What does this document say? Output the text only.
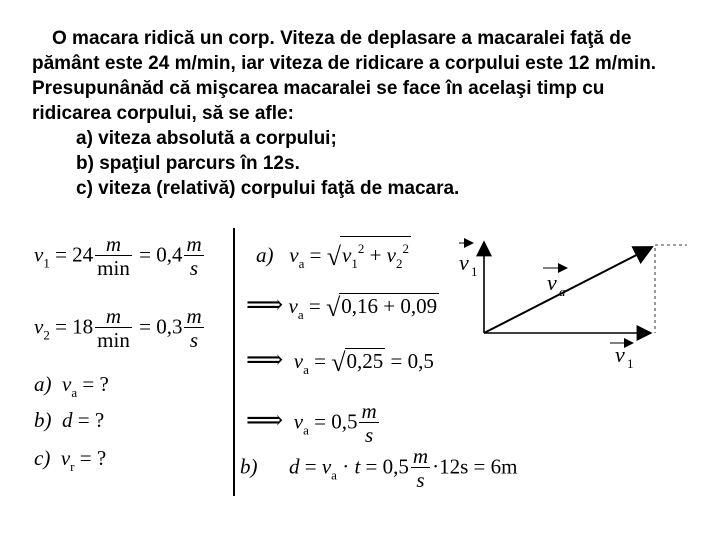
O macara ridică un corp. Viteza de deplasare a macaralei faţă de
pământ este 24 m/min, iar viteza de ridicare a corpului este 12 m/min.
Presupunânăd că mişcarea macaralei se face în acelaşi timp cu
ridicarea corpului, să se afle:
a) viteza absolută a corpului;
b) spaţiul parcurs în 12s.
c) viteza (relativă) corpului faţă de macara.
$v_1 = 24 \frac{m}{\min} = 0,4 \frac{m}{s}$
$v_2 = 18 \frac{m}{\min} = 0,3 \frac{m}{s}$
a) $v_a$ = ?
b) d = ?
c) $v_r$ = ?
a) $v_a = √v_1^2 + v_2^2$
⟹ $v_a = √0,16 + 0,09$
⟹ $v_a = √0,25 = 0,5$
⟹ $v_a = 0,5 \frac{m}{s}$
b) $d = v_a \cdot t = 0,5 \frac{m}{s} \cdot 12s = 6m$
v 1	v a
v 1
